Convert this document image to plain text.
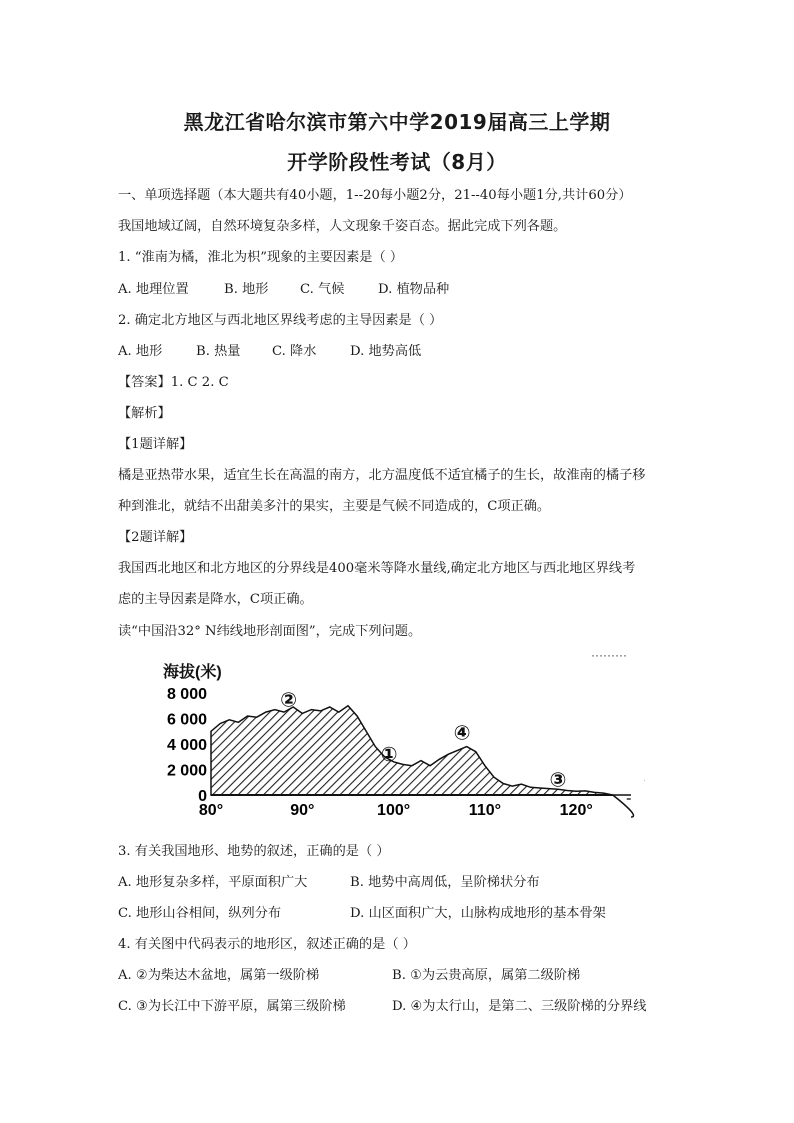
黑龙江省哈尔滨市第六中学2019届高三上学期
开学阶段性考试（8月）
一、单项选择题（本大题共有40小题，1--20每小题2分，21--40每小题1分,共计60分）
我国地域辽阔，自然环境复杂多样，人文现象千姿百态。据此完成下列各题。
1. “淮南为橘，淮北为枳”现象的主要因素是（ ）
A. 地理位置	B. 地形 C. 气候	D. 植物品种
2. 确定北方地区与西北地区界线考虑的主导因素是（ ）
A. 地形	B. 热量 C. 降水	D. 地势高低
【答案】1. C 2. C
【解析】
【1题详解】
橘是亚热带水果，适宜生长在高温的南方，北方温度低不适宜橘子的生长，故淮南的橘子移
种到淮北，就结不出甜美多汁的果实，主要是气候不同造成的，C项正确。
【2题详解】
我国西北地区和北方地区的分界线是400毫米等降水量线,确定北方地区与西北地区界线考
虑的主导因素是降水，C项正确。
读“中国沿32° N纬线地形剖面图”，完成下列问题。
海拔(米)
·········
8 000
6 000
4 000
2 000
0
80°	90°	100°	110°	120°
①
②
③
④
3. 有关我国地形、地势的叙述，正确的是（ ）
A. 地形复杂多样，平原面积广大	B. 地势中高周低，呈阶梯状分布
C. 地形山谷相间，纵列分布	D. 山区面积广大，山脉构成地形的基本骨架
4. 有关图中代码表示的地形区，叙述正确的是（ ）
A. ②为柴达木盆地，属第一级阶梯	B. ①为云贵高原，属第二级阶梯
C. ③为长江中下游平原，属第三级阶梯	D. ④为太行山，是第二、三级阶梯的分界线
